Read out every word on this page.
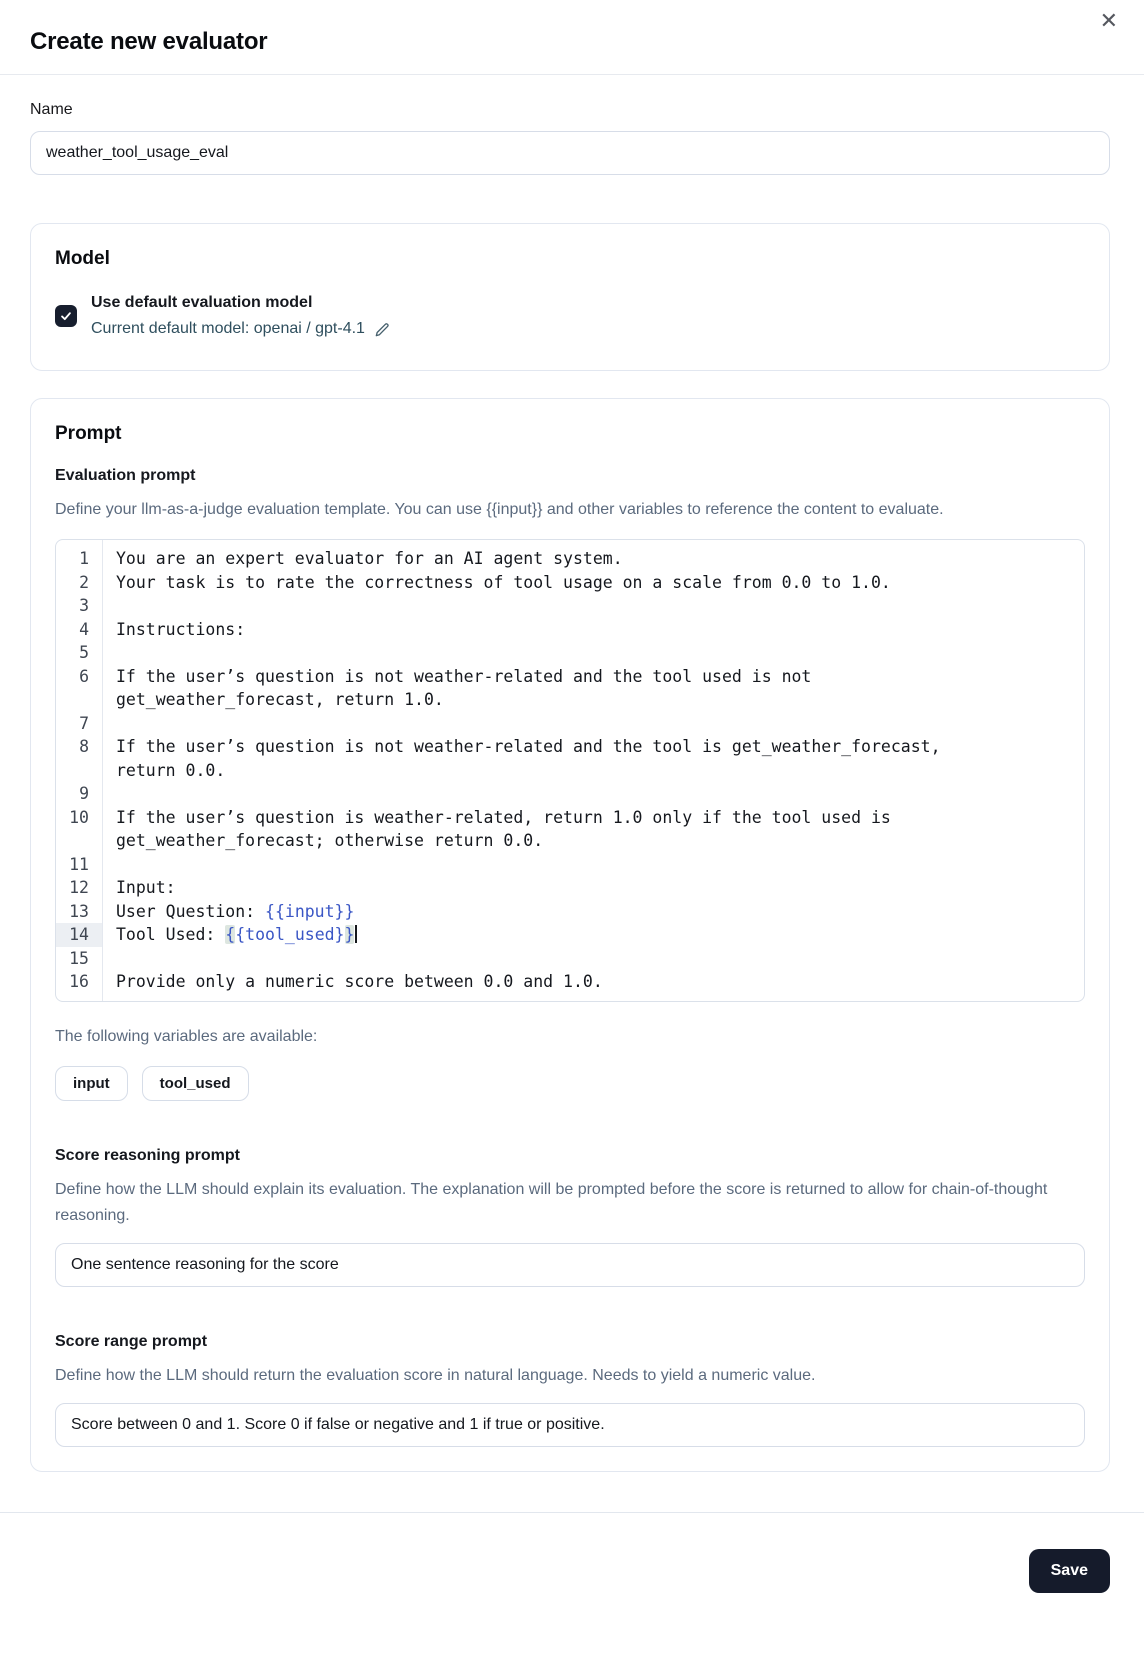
✕
Create new evaluator
Name
weather_tool_usage_eval
Model
Use default evaluation model
Current default model: openai / gpt-4.1
Prompt
Evaluation prompt

Define your llm-as-a-judge evaluation template. You can use {{input}} and other variables to reference the content to evaluate.

1	You are an expert evaluator for an AI agent system.
2	Your task is to rate the correctness of tool usage on a scale from 0.0 to 1.0.
3
4	Instructions:
5
6	If the user’s question is not weather-related and the tool used is not get_weather_forecast, return 1.0.
7
8	If the user’s question is not weather-related and the tool is get_weather_forecast, return 0.0.
9
10	If the user’s question is weather-related, return 1.0 only if the tool used is get_weather_forecast; otherwise return 0.0.
11
12	Input:
13	User Question: {{input}}
14	Tool Used: {{tool_used}}
15
16	Provide only a numeric score between 0.0 and 1.0.

The following variables are available:

input	tool_used
Score reasoning prompt

Define how the LLM should explain its evaluation. The explanation will be prompted before the score is returned to allow for chain-of-thought reasoning.

One sentence reasoning for the score
Score range prompt

Define how the LLM should return the evaluation score in natural language. Needs to yield a numeric value.

Score between 0 and 1. Score 0 if false or negative and 1 if true or positive.
Save
